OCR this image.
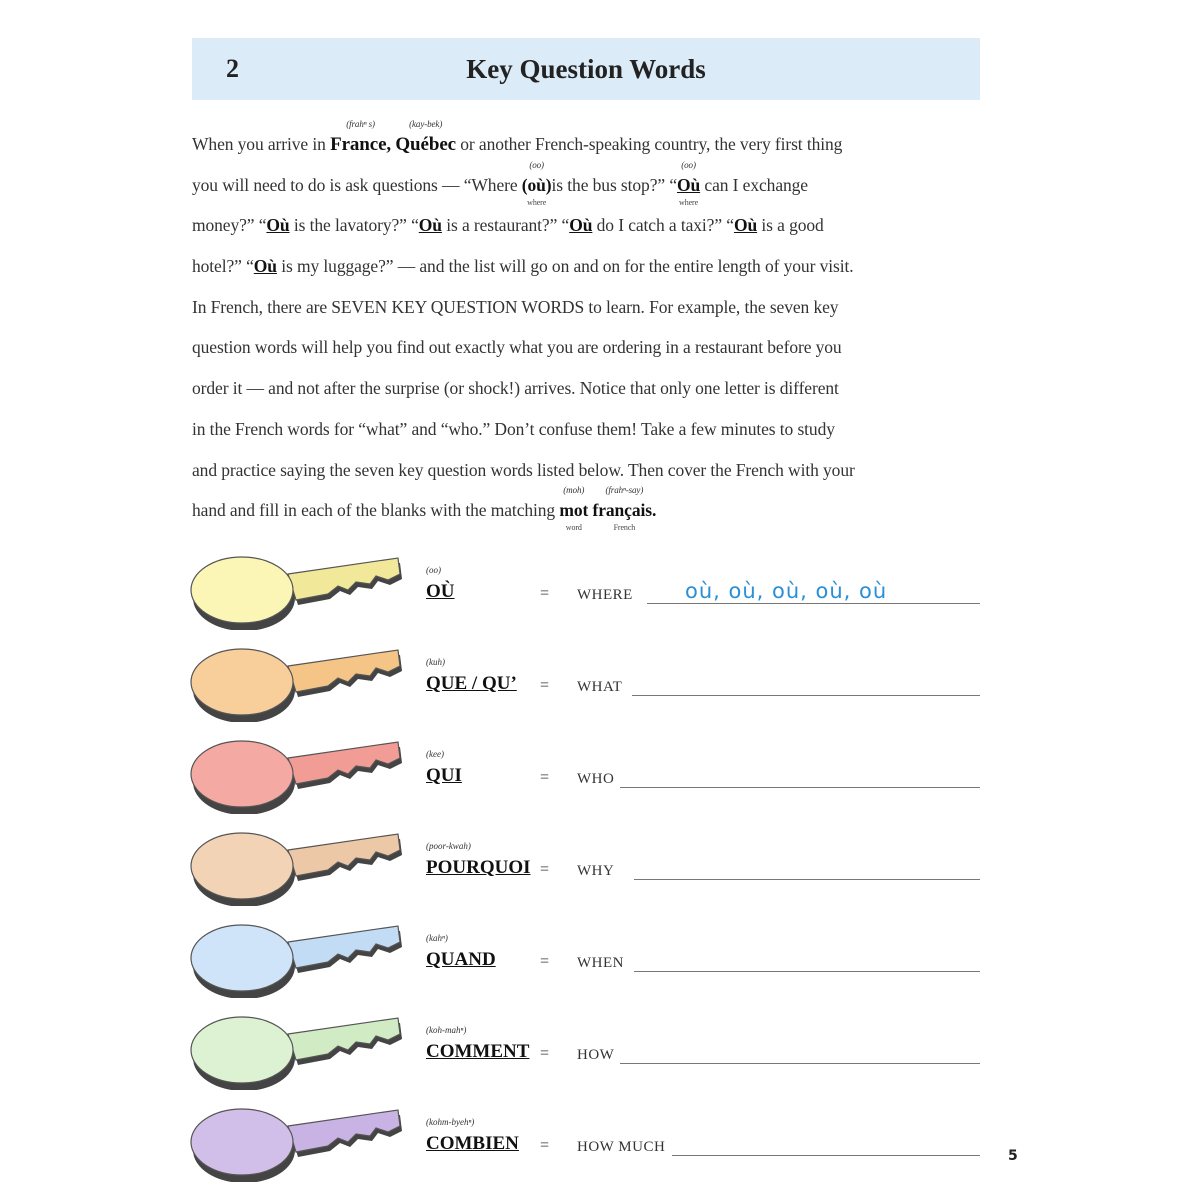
2	Key Question Words
When you arrive in
(frahⁿ s)
France,
(kay-bek)
Québec or another French-speaking country, the very first thing
you will need to do is ask questions — “Where
(oo)
(où)
where
is the bus stop?” “
(oo)
Où
where
can I exchange
money?” “Où is the lavatory?” “Où is a restaurant?” “Où do I catch a taxi?” “Où is a good
hotel?” “Où is my luggage?” — and the list will go on and on for the entire length of your visit.
In French, there are SEVEN KEY QUESTION WORDS to learn. For example, the seven key
question words will help you find out exactly what you are ordering in a restaurant before you
order it — and not after the surprise (or shock!) arrives. Notice that only one letter is different
in the French words for “what” and “who.” Don’t confuse them! Take a few minutes to study
and practice saying the seven key question words listed below. Then cover the French with your
hand and fill in each of the blanks with the matching
(moh)
mot
word

(frahⁿ-say)
français.
French
(oo)
OÙ	= WHERE où, où, où, où, où
(kuh)
QUE / QU’ = WHAT
(kee)
QUI	= WHO
(poor-kwah)
POURQUOI = WHY
(kahⁿ)
QUAND	= WHEN
(koh-mahⁿ)
COMMENT = HOW
(kohm-byehⁿ)
COMBIEN = HOW MUCH
5
